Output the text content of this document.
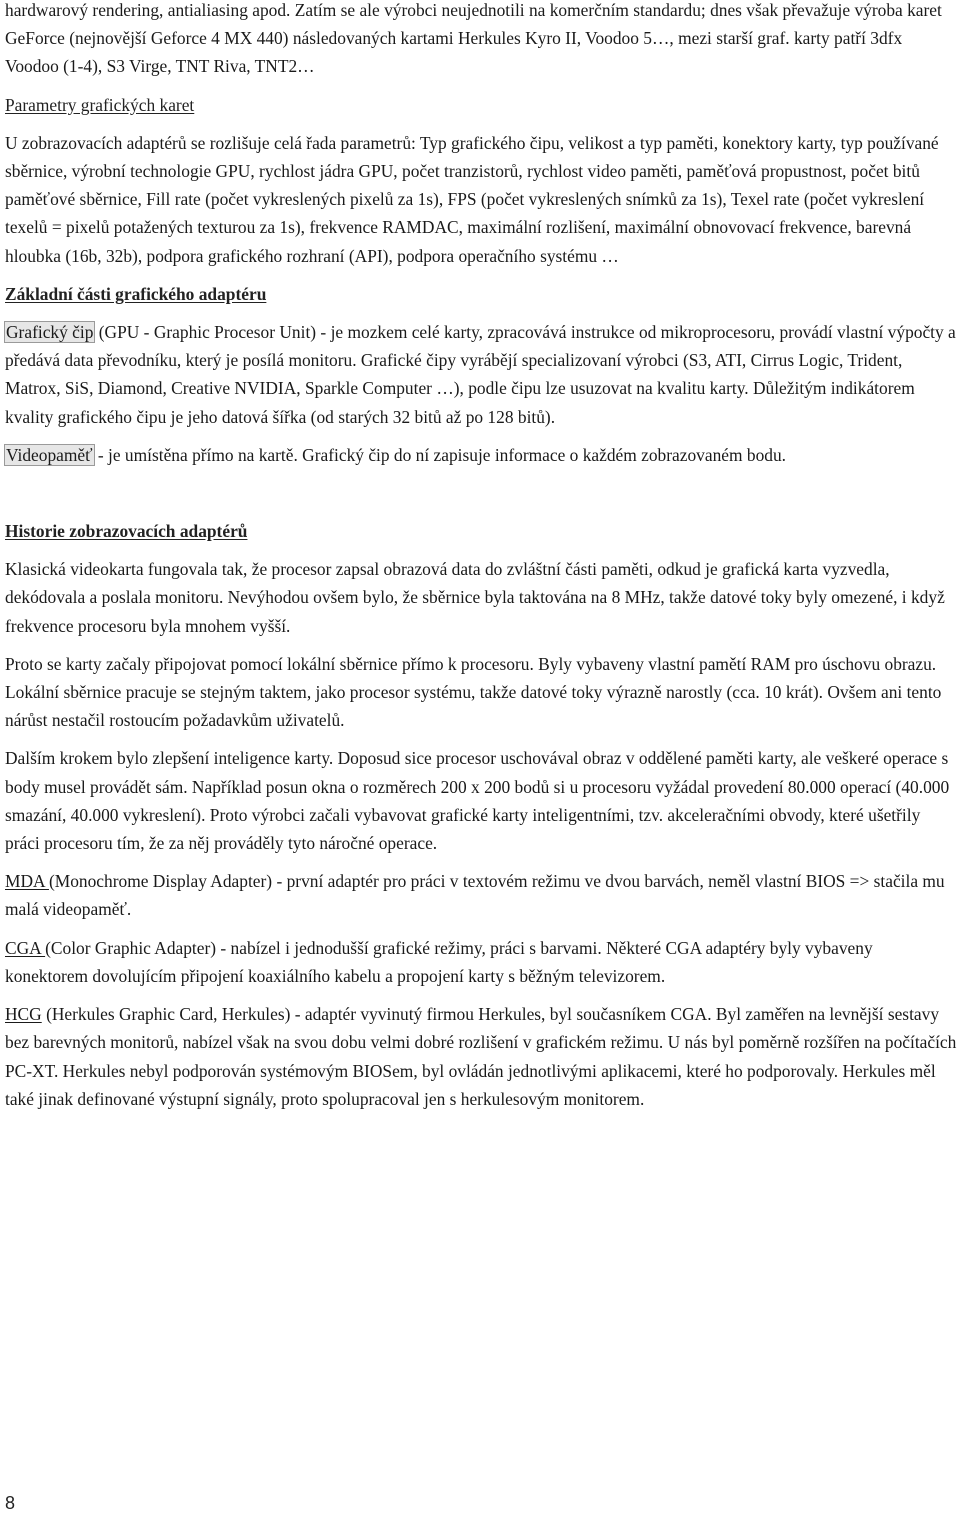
hardwarový rendering, antialiasing apod. Zatím se ale výrobci neujednotili na komerčním standardu; dnes však převažuje výroba karet GeForce (nejnovější Geforce 4 MX 440) následovaných kartami Herkules Kyro II, Voodoo 5…, mezi starší graf. karty patří 3dfx Voodoo (1-4), S3 Virge, TNT Riva, TNT2…

Parametry grafických karet

U zobrazovacích adaptérů se rozlišuje celá řada parametrů: Typ grafického čipu, velikost a typ paměti, konektory karty, typ používané sběrnice, výrobní technologie GPU, rychlost jádra GPU, počet tranzistorů, rychlost video paměti, paměťová propustnost, počet bitů paměťové sběrnice, Fill rate (počet vykreslených pixelů za 1s), FPS (počet vykreslených snímků za 1s), Texel rate (počet vykreslení texelů = pixelů potažených texturou za 1s), frekvence RAMDAC, maximální rozlišení, maximální obnovovací frekvence, barevná hloubka (16b, 32b), podpora grafického rozhraní (API), podpora operačního systému …

Základní části grafického adaptéru

Grafický čip (GPU - Graphic Procesor Unit) - je mozkem celé karty, zpracovává instrukce od mikroprocesoru, provádí vlastní výpočty a předává data převodníku, který je posílá monitoru. Grafické čipy vyrábějí specializovaní výrobci (S3, ATI, Cirrus Logic, Trident, Matrox, SiS, Diamond, Creative NVIDIA, Sparkle Computer …), podle čipu lze usuzovat na kvalitu karty. Důležitým indikátorem kvality grafického čipu je jeho datová šířka (od starých 32 bitů až po 128 bitů).

Videopaměť - je umístěna přímo na kartě. Grafický čip do ní zapisuje informace o každém zobrazovaném bodu.

Historie zobrazovacích adaptérů

Klasická videokarta fungovala tak, že procesor zapsal obrazová data do zvláštní části paměti, odkud je grafická karta vyzvedla, dekódovala a poslala monitoru. Nevýhodou ovšem bylo, že sběrnice byla taktována na 8 MHz, takže datové toky byly omezené, i když frekvence procesoru byla mnohem vyšší.

Proto se karty začaly připojovat pomocí lokální sběrnice přímo k procesoru. Byly vybaveny vlastní pamětí RAM pro úschovu obrazu. Lokální sběrnice pracuje se stejným taktem, jako procesor systému, takže datové toky výrazně narostly (cca. 10 krát). Ovšem ani tento nárůst nestačil rostoucím požadavkům uživatelů.

Dalším krokem bylo zlepšení inteligence karty. Doposud sice procesor uschovával obraz v oddělené paměti karty, ale veškeré operace s body musel provádět sám. Například posun okna o rozměrech 200 x 200 bodů si u procesoru vyžádal provedení 80.000 operací (40.000 smazání, 40.000 vykreslení). Proto výrobci začali vybavovat grafické karty inteligentními, tzv. akceleračními obvody, které ušetřily práci procesoru tím, že za něj prováděly tyto náročné operace.

MDA (Monochrome Display Adapter) - první adaptér pro práci v textovém režimu ve dvou barvách, neměl vlastní BIOS => stačila mu malá videopaměť.

CGA (Color Graphic Adapter) - nabízel i jednodušší grafické režimy, práci s barvami. Některé CGA adaptéry byly vybaveny konektorem dovolujícím připojení koaxiálního kabelu a propojení karty s běžným televizorem.

HCG (Herkules Graphic Card, Herkules) - adaptér vyvinutý firmou Herkules, byl současníkem CGA. Byl zaměřen na levnější sestavy bez barevných monitorů, nabízel však na svou dobu velmi dobré rozlišení v grafickém režimu. U nás byl poměrně rozšířen na počítačích PC-XT. Herkules nebyl podporován systémovým BIOSem, byl ovládán jednotlivými aplikacemi, které ho podporovaly. Herkules měl také jinak definované výstupní signály, proto spolupracoval jen s herkulesovým monitorem.

8
